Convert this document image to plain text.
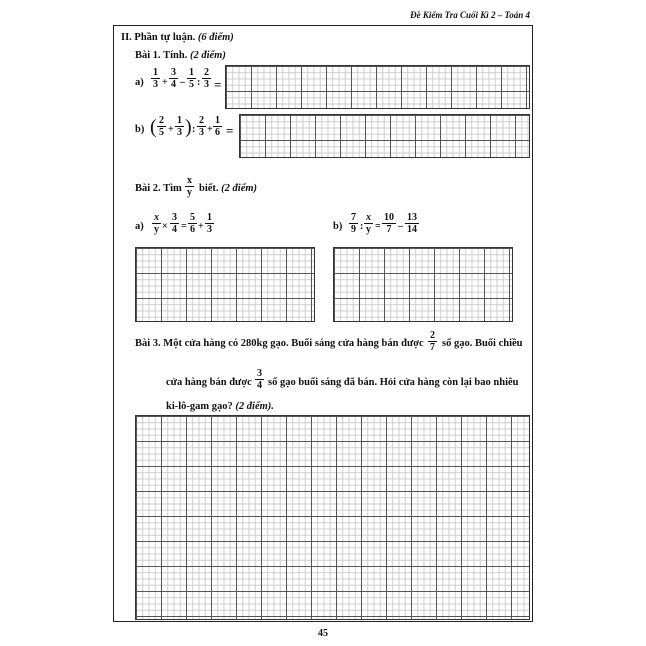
Đề Kiểm Tra Cuối Kì 2 – Toán 4
II. Phần tự luận. (6 điểm)
Bài 1. Tính. (2 điểm)
$a) \frac{1}{3} + \frac{3}{4} - \frac{1}{5}$ : $\frac{2}{3}$ =
b) ( $\frac{2}{5} + \frac{1}{3}$ ) : $\frac{2}{3} + \frac{1}{6}$ =
Bài 2. Tìm $\frac{x}{y}$ biết. (2 điểm)
$a) \frac{x}{y} \times \frac{3}{4} = \frac{5}{6} + \frac{1}{3}$	$b) \frac{7}{9}$ : $\frac{x}{y} = \frac{10}{7} - \frac{13}{14}$
Bài 3. Một cửa hàng có 280kg gạo. Buổi sáng cửa hàng bán được $\frac{2}{7}$ số gạo. Buổi chiều
cửa hàng bán được $\frac{3}{4}$ số gạo buổi sáng đã bán. Hỏi cửa hàng còn lại bao nhiêu
ki-lô-gam gạo? (2 điểm).
45
